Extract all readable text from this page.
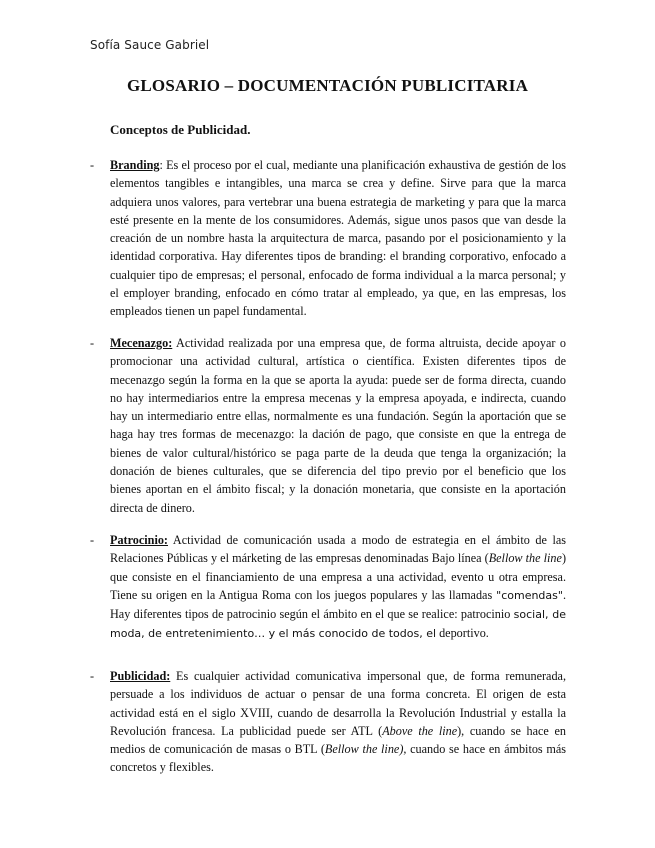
Sofía Sauce Gabriel
GLOSARIO – DOCUMENTACIÓN PUBLICITARIA
Conceptos de Publicidad.
- Branding: Es el proceso por el cual, mediante una planificación exhaustiva de gestión de los elementos tangibles e intangibles, una marca se crea y define. Sirve para que la marca adquiera unos valores, para vertebrar una buena estrategia de marketing y para que la marca esté presente en la mente de los consumidores. Además, sigue unos pasos que van desde la creación de un nombre hasta la arquitectura de marca, pasando por el posicionamiento y la identidad corporativa. Hay diferentes tipos de branding: el branding corporativo, enfocado a cualquier tipo de empresas; el personal, enfocado de forma individual a la marca personal; y el employer branding, enfocado en cómo tratar al empleado, ya que, en las empresas, los empleados tienen un papel fundamental.
- Mecenazgo: Actividad realizada por una empresa que, de forma altruista, decide apoyar o promocionar una actividad cultural, artística o científica. Existen diferentes tipos de mecenazgo según la forma en la que se aporta la ayuda: puede ser de forma directa, cuando no hay intermediarios entre la empresa mecenas y la empresa apoyada, e indirecta, cuando hay un intermediario entre ellas, normalmente es una fundación. Según la aportación que se haga hay tres formas de mecenazgo: la dación de pago, que consiste en que la entrega de bienes de valor cultural/histórico se paga parte de la deuda que tenga la organización; la donación de bienes culturales, que se diferencia del tipo previo por el beneficio que los bienes aportan en el ámbito fiscal; y la donación monetaria, que consiste en la aportación directa de dinero.
- Patrocinio: Actividad de comunicación usada a modo de estrategia en el ámbito de las Relaciones Públicas y el márketing de las empresas denominadas Bajo línea (Bellow the line) que consiste en el financiamiento de una empresa a una actividad, evento u otra empresa. Tiene su origen en la Antigua Roma con los juegos populares y las llamadas "comendas". Hay diferentes tipos de patrocinio según el ámbito en el que se realice: patrocinio social, de moda, de entretenimiento… y el más conocido de todos, el deportivo.
- Publicidad: Es cualquier actividad comunicativa impersonal que, de forma remunerada, persuade a los individuos de actuar o pensar de una forma concreta. El origen de esta actividad está en el siglo XVIII, cuando de desarrolla la Revolución Industrial y estalla la Revolución francesa. La publicidad puede ser ATL (Above the line), cuando se hace en medios de comunicación de masas o BTL (Bellow the line), cuando se hace en ámbitos más concretos y flexibles.
